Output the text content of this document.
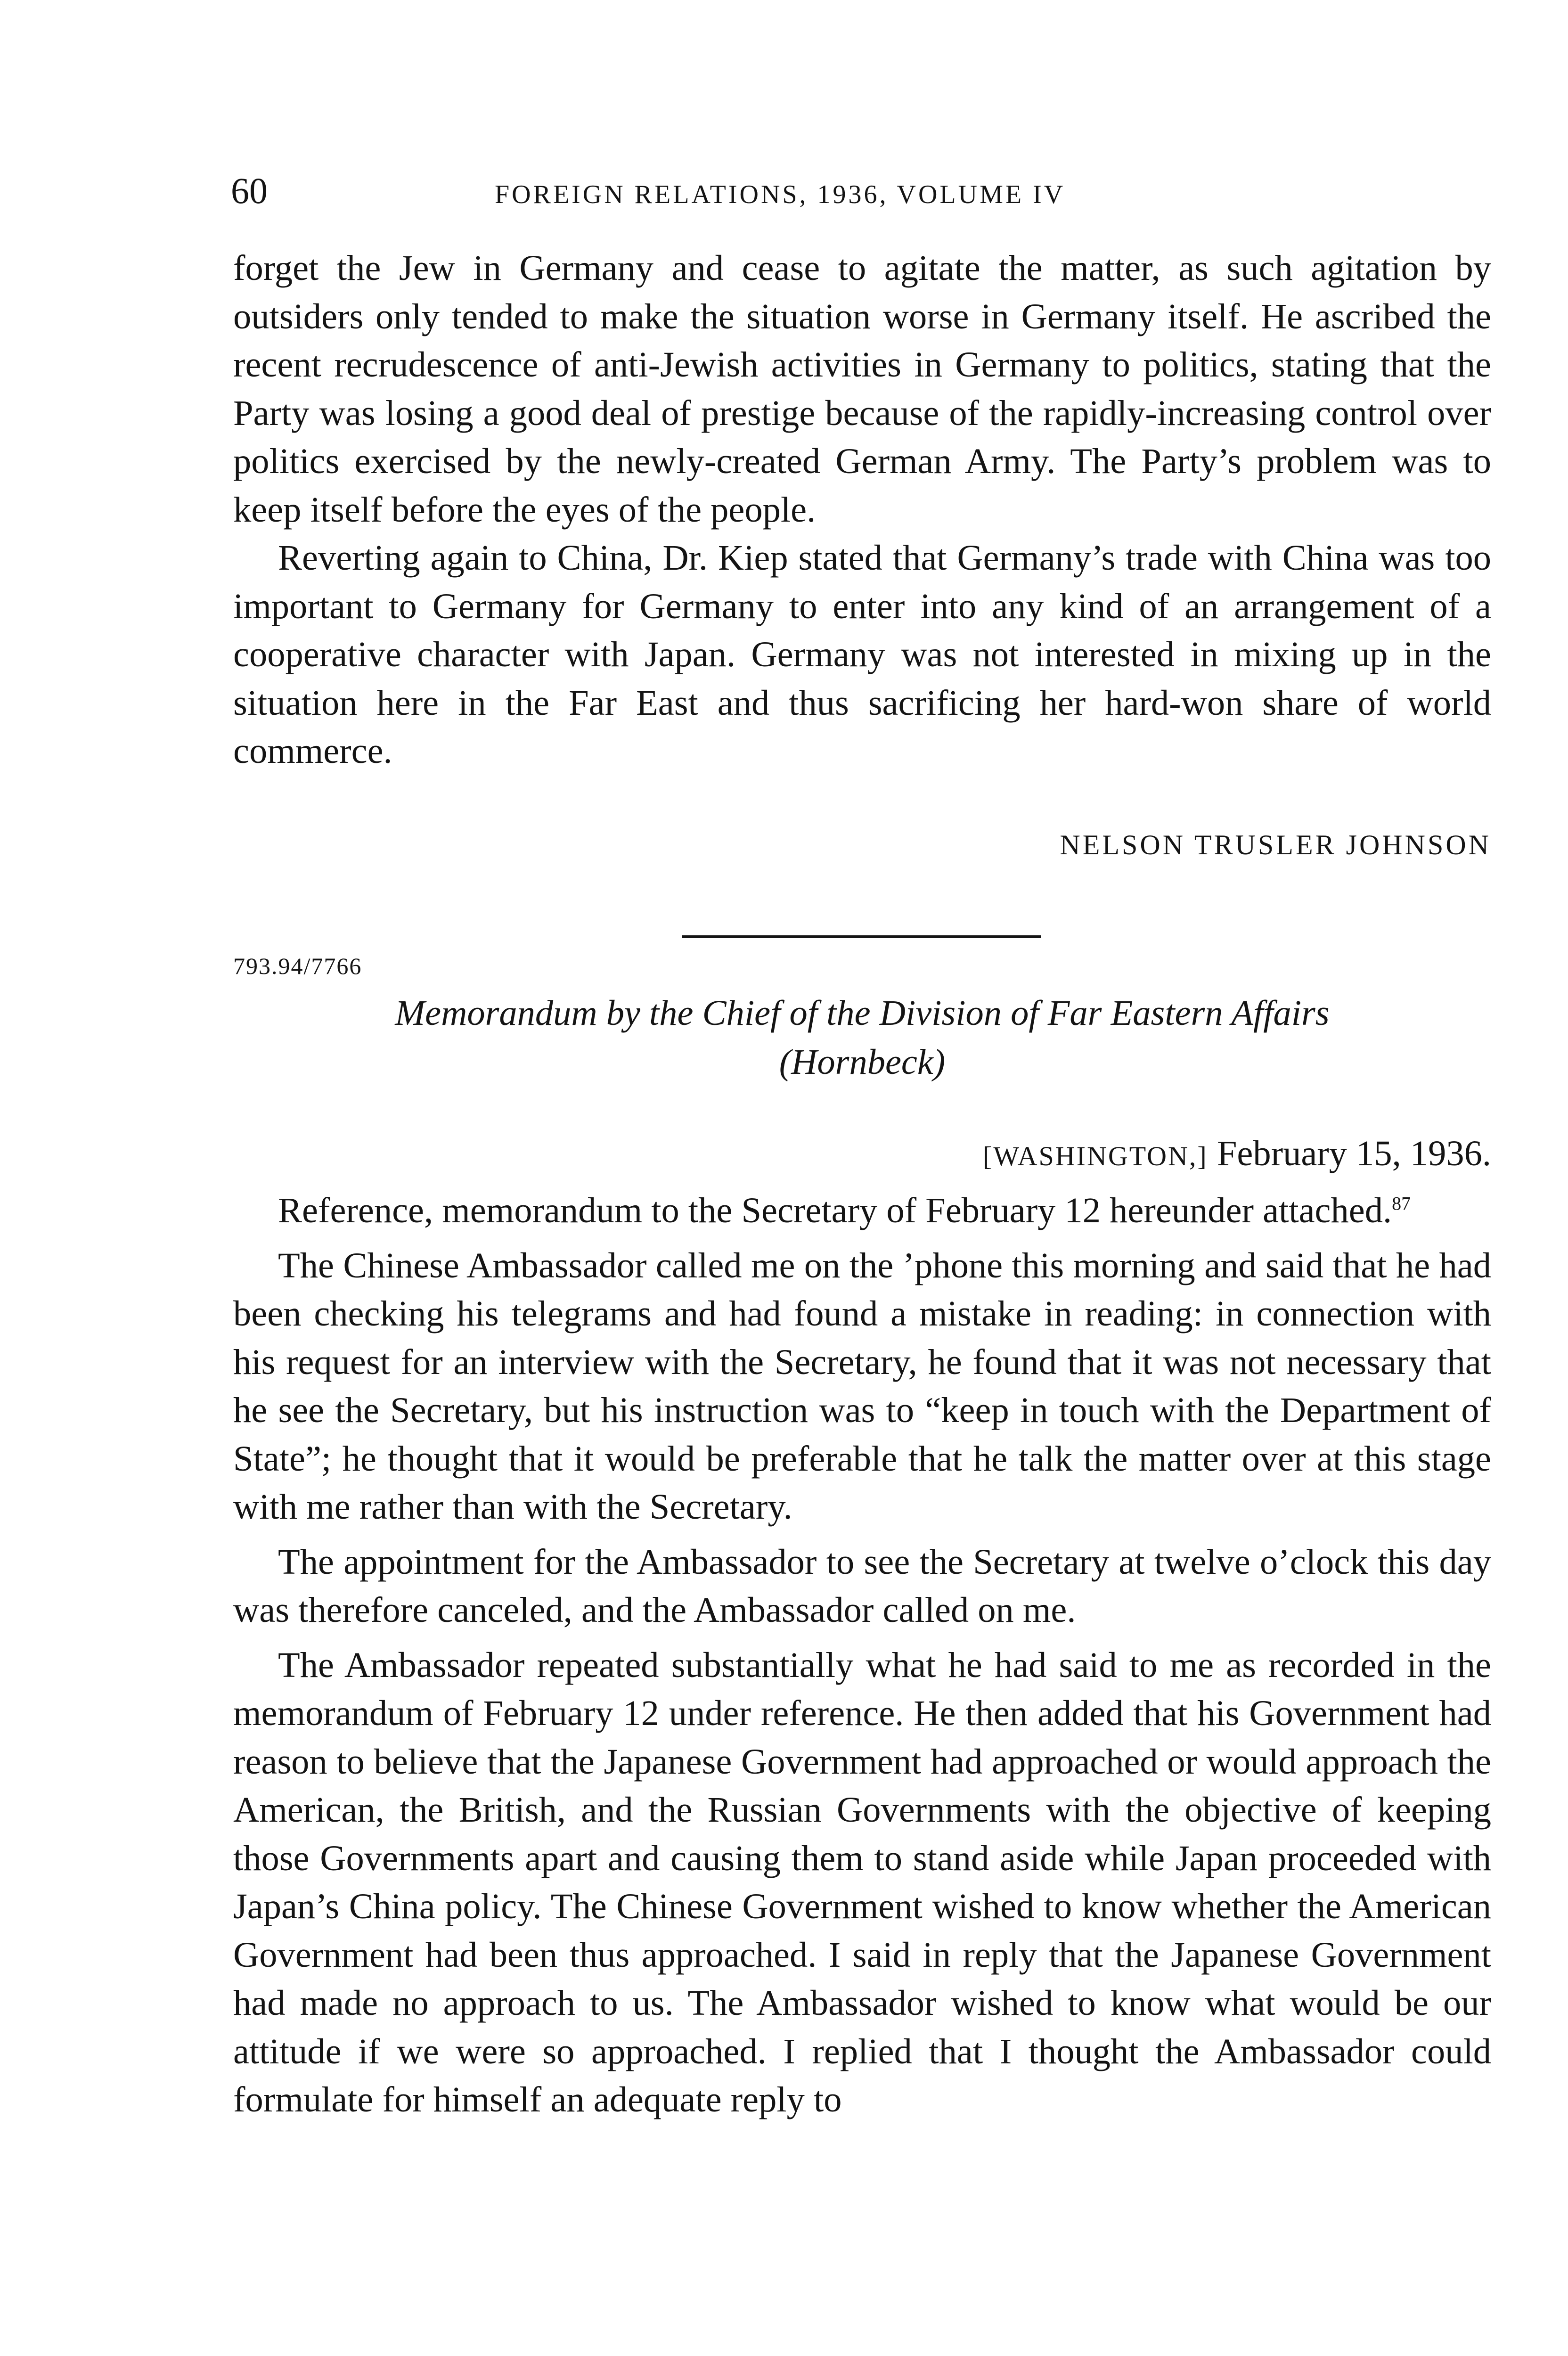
60	FOREIGN RELATIONS, 1936, VOLUME IV

forget the Jew in Germany and cease to agitate the matter, as such agitation by outsiders only tended to make the situation worse in Germany itself. He ascribed the recent recrudescence of anti-Jewish activities in Germany to politics, stating that the Party was losing a good deal of prestige because of the rapidly-increasing control over politics exercised by the newly-created German Army. The Party’s problem was to keep itself before the eyes of the people.

Reverting again to China, Dr. Kiep stated that Germany’s trade with China was too important to Germany for Germany to enter into any kind of an arrangement of a cooperative character with Japan. Germany was not interested in mixing up in the situation here in the Far East and thus sacrificing her hard-won share of world commerce.

NELSON TRUSLER JOHNSON
793.94/7766
Memorandum by the Chief of the Division of Far Eastern Affairs
(Hornbeck)
[WASHINGTON,] February 15, 1936.

Reference, memorandum to the Secretary of February 12 hereunder attached.$^{87}$

The Chinese Ambassador called me on the ’phone this morning and said that he had been checking his telegrams and had found a mistake in reading: in connection with his request for an interview with the Secretary, he found that it was not necessary that he see the Secretary, but his instruction was to “keep in touch with the Department of State”; he thought that it would be preferable that he talk the matter over at this stage with me rather than with the Secretary.

The appointment for the Ambassador to see the Secretary at twelve o’clock this day was therefore canceled, and the Ambassador called on me.

The Ambassador repeated substantially what he had said to me as recorded in the memorandum of February 12 under reference. He then added that his Government had reason to believe that the Japanese Government had approached or would approach the American, the British, and the Russian Governments with the objective of keeping those Governments apart and causing them to stand aside while Japan proceeded with Japan’s China policy. The Chinese Government wished to know whether the American Government had been thus approached. I said in reply that the Japanese Government had made no approach to us. The Ambassador wished to know what would be our attitude if we were so approached. I replied that I thought the Ambassador could formulate for himself an adequate reply to
